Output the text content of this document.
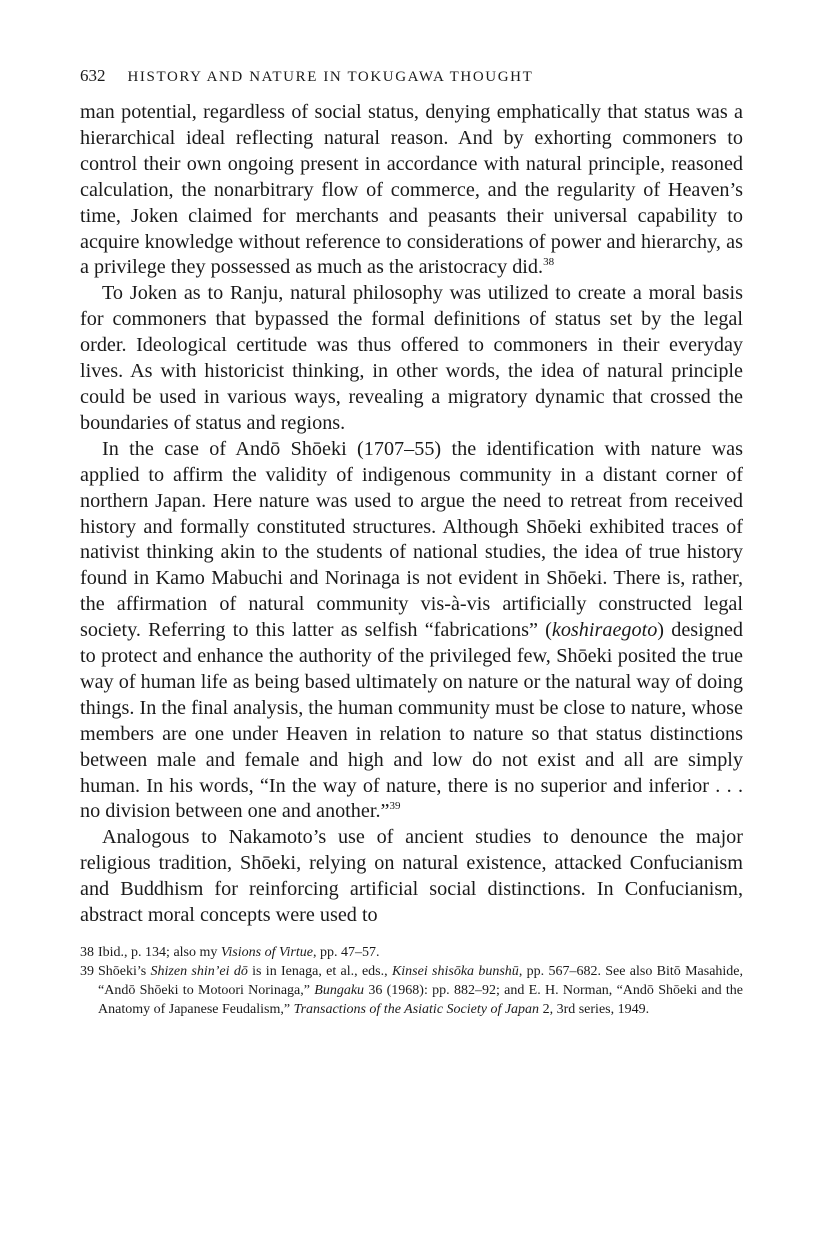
632 HISTORY AND NATURE IN TOKUGAWA THOUGHT

man potential, regardless of social status, denying emphatically that status was a hierarchical ideal reflecting natural reason. And by exhorting commoners to control their own ongoing present in accordance with natural principle, reasoned calculation, the nonarbitrary flow of commerce, and the regularity of Heaven’s time, Joken claimed for merchants and peasants their universal capability to acquire knowledge without reference to considerations of power and hierarchy, as a privilege they possessed as much as the aristocracy did.$^{38}$

To Joken as to Ranju, natural philosophy was utilized to create a moral basis for commoners that bypassed the formal definitions of status set by the legal order. Ideological certitude was thus offered to commoners in their everyday lives. As with historicist thinking, in other words, the idea of natural principle could be used in various ways, revealing a migratory dynamic that crossed the boundaries of status and regions.

In the case of Andō Shōeki (1707–55) the identification with nature was applied to affirm the validity of indigenous community in a distant corner of northern Japan. Here nature was used to argue the need to retreat from received history and formally constituted structures. Although Shōeki exhibited traces of nativist thinking akin to the students of national studies, the idea of true history found in Kamo Mabuchi and Norinaga is not evident in Shōeki. There is, rather, the affirmation of natural community vis-à-vis artificially constructed legal society. Referring to this latter as selfish “fabrications” (koshiraegoto) designed to protect and enhance the authority of the privileged few, Shōeki posited the true way of human life as being based ultimately on nature or the natural way of doing things. In the final analysis, the human community must be close to nature, whose members are one under Heaven in relation to nature so that status distinctions between male and female and high and low do not exist and all are simply human. In his words, “In the way of nature, there is no superior and inferior . . . no division between one and another.”$^{39}$

Analogous to Nakamoto’s use of ancient studies to denounce the major religious tradition, Shōeki, relying on natural existence, attacked Confucianism and Buddhism for reinforcing artificial social distinctions. In Confucianism, abstract moral concepts were used to

38 Ibid., p. 134; also my Visions of Virtue, pp. 47–57.
39 Shōeki’s Shizen shin’ei dō is in Ienaga, et al., eds., Kinsei shisōka bunshū, pp. 567–682. See also Bitō Masahide, “Andō Shōeki to Motoori Norinaga,” Bungaku 36 (1968): pp. 882–92; and E. H. Norman, “Andō Shōeki and the Anatomy of Japanese Feudalism,” Transactions of the Asiatic Society of Japan 2, 3rd series, 1949.
